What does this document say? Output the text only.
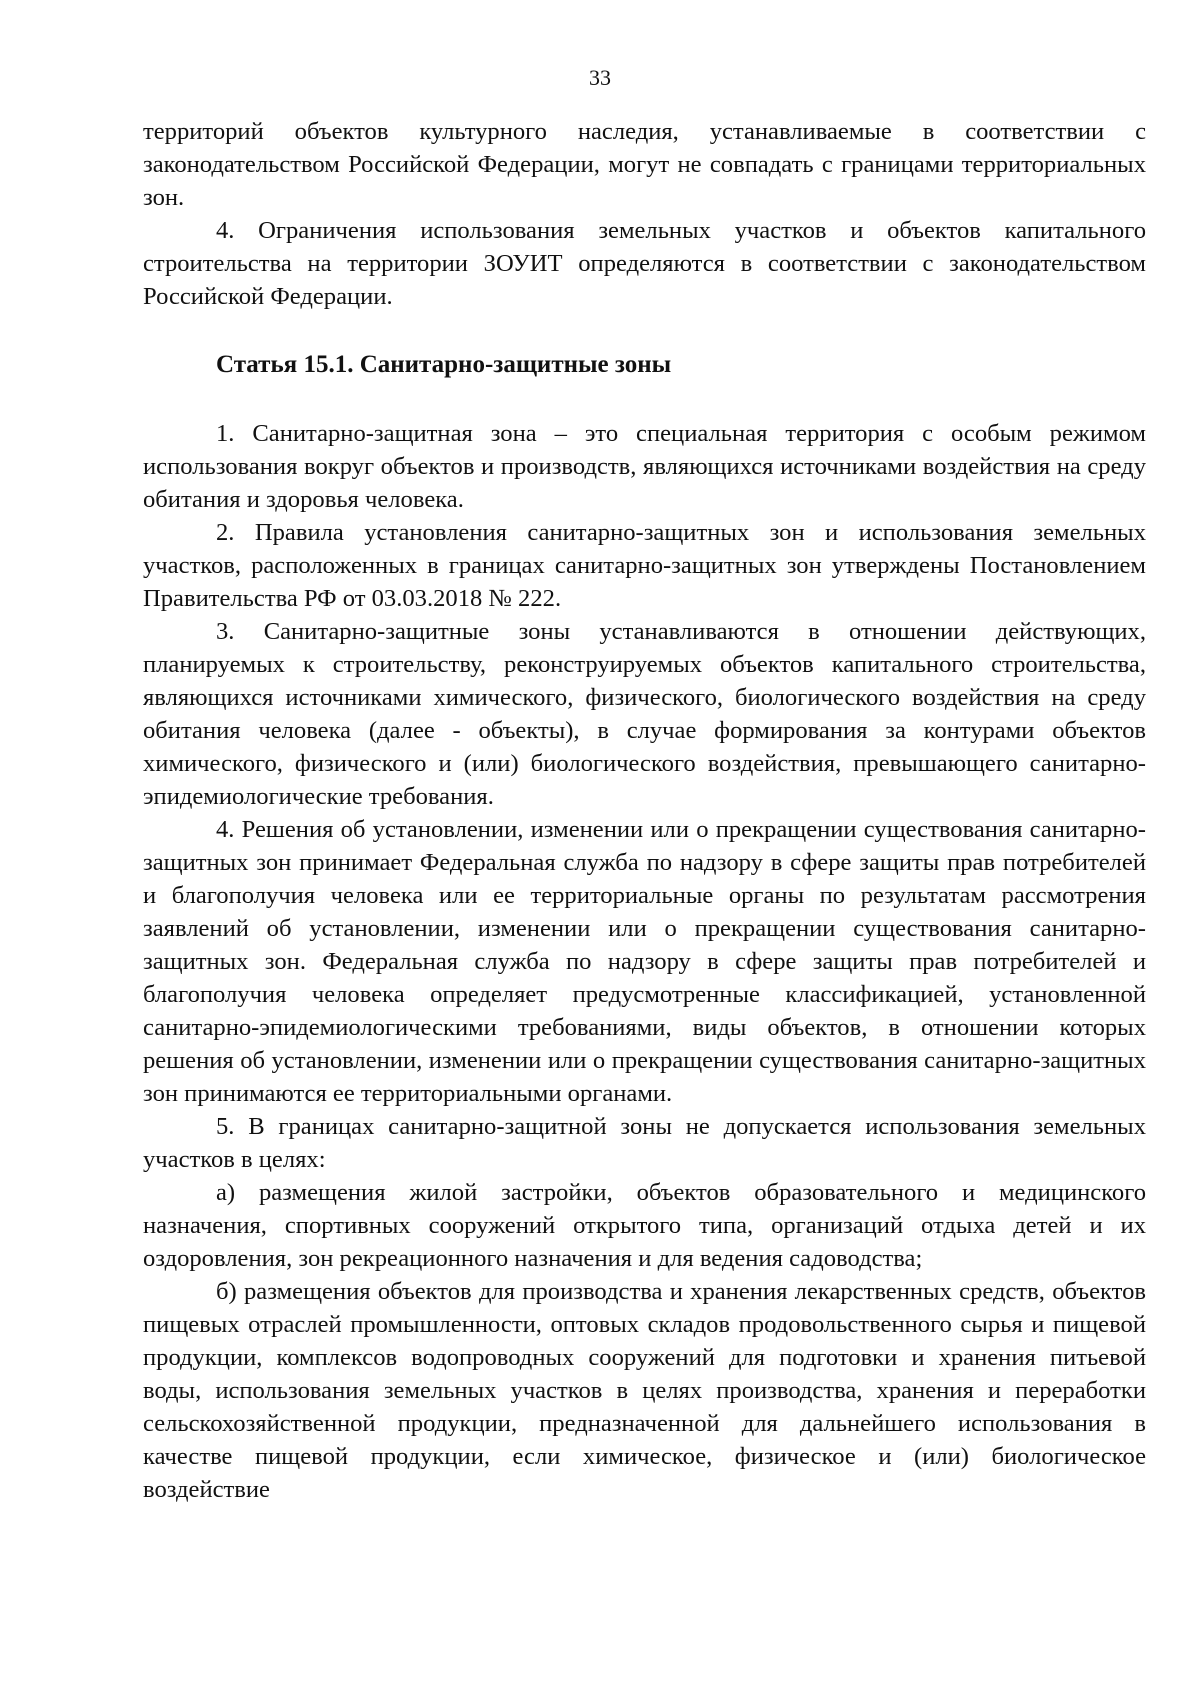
33

территорий объектов культурного наследия, устанавливаемые в соответствии с законодательством Российской Федерации, могут не совпадать с границами территориальных зон.

4. Ограничения использования земельных участков и объектов капитального строительства на территории ЗОУИТ определяются в соответствии с законодательством Российской Федерации.

Статья 15.1. Санитарно-защитные зоны

1. Санитарно-защитная зона – это специальная территория с особым режимом использования вокруг объектов и производств, являющихся источниками воздействия на среду обитания и здоровья человека.

2. Правила установления санитарно-защитных зон и использования земельных участков, расположенных в границах санитарно-защитных зон утверждены Постановлением Правительства РФ от 03.03.2018 № 222.

3. Санитарно-защитные зоны устанавливаются в отношении действующих, планируемых к строительству, реконструируемых объектов капитального строительства, являющихся источниками химического, физического, биологического воздействия на среду обитания человека (далее - объекты), в случае формирования за контурами объектов химического, физического и (или) биологического воздействия, превышающего санитарно-эпидемиологические требования.

4. Решения об установлении, изменении или о прекращении существования санитарно-защитных зон принимает Федеральная служба по надзору в сфере защиты прав потребителей и благополучия человека или ее территориальные органы по результатам рассмотрения заявлений об установлении, изменении или о прекращении существования санитарно-защитных зон. Федеральная служба по надзору в сфере защиты прав потребителей и благополучия человека определяет предусмотренные классификацией, установленной санитарно-эпидемиологическими требованиями, виды объектов, в отношении которых решения об установлении, изменении или о прекращении существования санитарно-защитных зон принимаются ее территориальными органами.

5. В границах санитарно-защитной зоны не допускается использования земельных участков в целях:

а) размещения жилой застройки, объектов образовательного и медицинского назначения, спортивных сооружений открытого типа, организаций отдыха детей и их оздоровления, зон рекреационного назначения и для ведения садоводства;

б) размещения объектов для производства и хранения лекарственных средств, объектов пищевых отраслей промышленности, оптовых складов продовольственного сырья и пищевой продукции, комплексов водопроводных сооружений для подготовки и хранения питьевой воды, использования земельных участков в целях производства, хранения и переработки сельскохозяйственной продукции, предназначенной для дальнейшего использования в качестве пищевой продукции, если химическое, физическое и (или) биологическое воздействие
